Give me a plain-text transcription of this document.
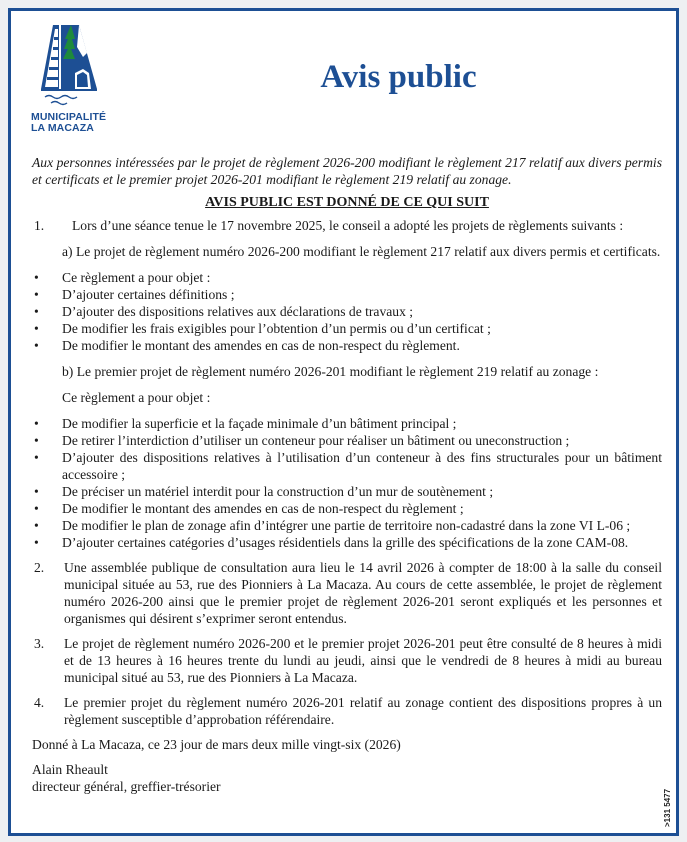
MUNICIPALITÉ
LA MACAZA
Avis public

Aux personnes intéressées par le projet de règlement 2026-200 modifiant le règlement 217 relatif aux divers permis et certificats et le premier projet 2026-201 modifiant le règlement 219 relatif au zonage.

AVIS PUBLIC EST DONNÉ DE CE QUI SUIT
1.	Lors d’une séance tenue le 17 novembre 2025, le conseil a adopté les projets de règlements suivants :
a) Le projet de règlement numéro 2026-200 modifiant le règlement 217 relatif aux divers permis et certificats.
•	Ce règlement a pour objet :
•	D’ajouter certaines définitions ;
•	D’ajouter des dispositions relatives aux déclarations de travaux ;
•	De modifier les frais exigibles pour l’obtention d’un permis ou d’un certificat ;
•	De modifier le montant des amendes en cas de non-respect du règlement.
b) Le premier projet de règlement numéro 2026-201 modifiant le règlement 219 relatif au zonage :
Ce règlement a pour objet :
•	De modifier la superficie et la façade minimale d’un bâtiment principal ;
•	De retirer l’interdiction d’utiliser un conteneur pour réaliser un bâtiment ou uneconstruction ;
•	D’ajouter des dispositions relatives à l’utilisation d’un conteneur à des fins structurales pour un bâtiment accessoire ;
•	De préciser un matériel interdit pour la construction d’un mur de soutènement ;
•	De modifier le montant des amendes en cas de non-respect du règlement ;
•	De modifier le plan de zonage afin d’intégrer une partie de territoire non-cadastré dans la zone VI L-06 ;
•	D’ajouter certaines catégories d’usages résidentiels dans la grille des spécifications de la zone CAM-08.
2.	Une assemblée publique de consultation aura lieu le 14 avril 2026 à compter de 18:00 à la salle du conseil municipal située au 53, rue des Pionniers à La Macaza. Au cours de cette assemblée, le projet de règlement numéro 2026-200 ainsi que le premier projet de règlement 2026-201 seront expliqués et les personnes et organismes qui désirent s’exprimer seront entendus.
3.	Le projet de règlement numéro 2026-200 et le premier projet 2026-201 peut être consulté de 8 heures à midi et de 13 heures à 16 heures trente du lundi au jeudi, ainsi que le vendredi de 8 heures à midi au bureau municipal situé au 53, rue des Pionniers à La Macaza.
4.	Le premier projet du règlement numéro 2026-201 relatif au zonage contient des dispositions propres à un règlement susceptible d’approbation référendaire.

Donné à La Macaza, ce 23 jour de mars deux mille vingt-six (2026)

Alain Rheault

directeur général, greffier-trésorier

>131 5477
